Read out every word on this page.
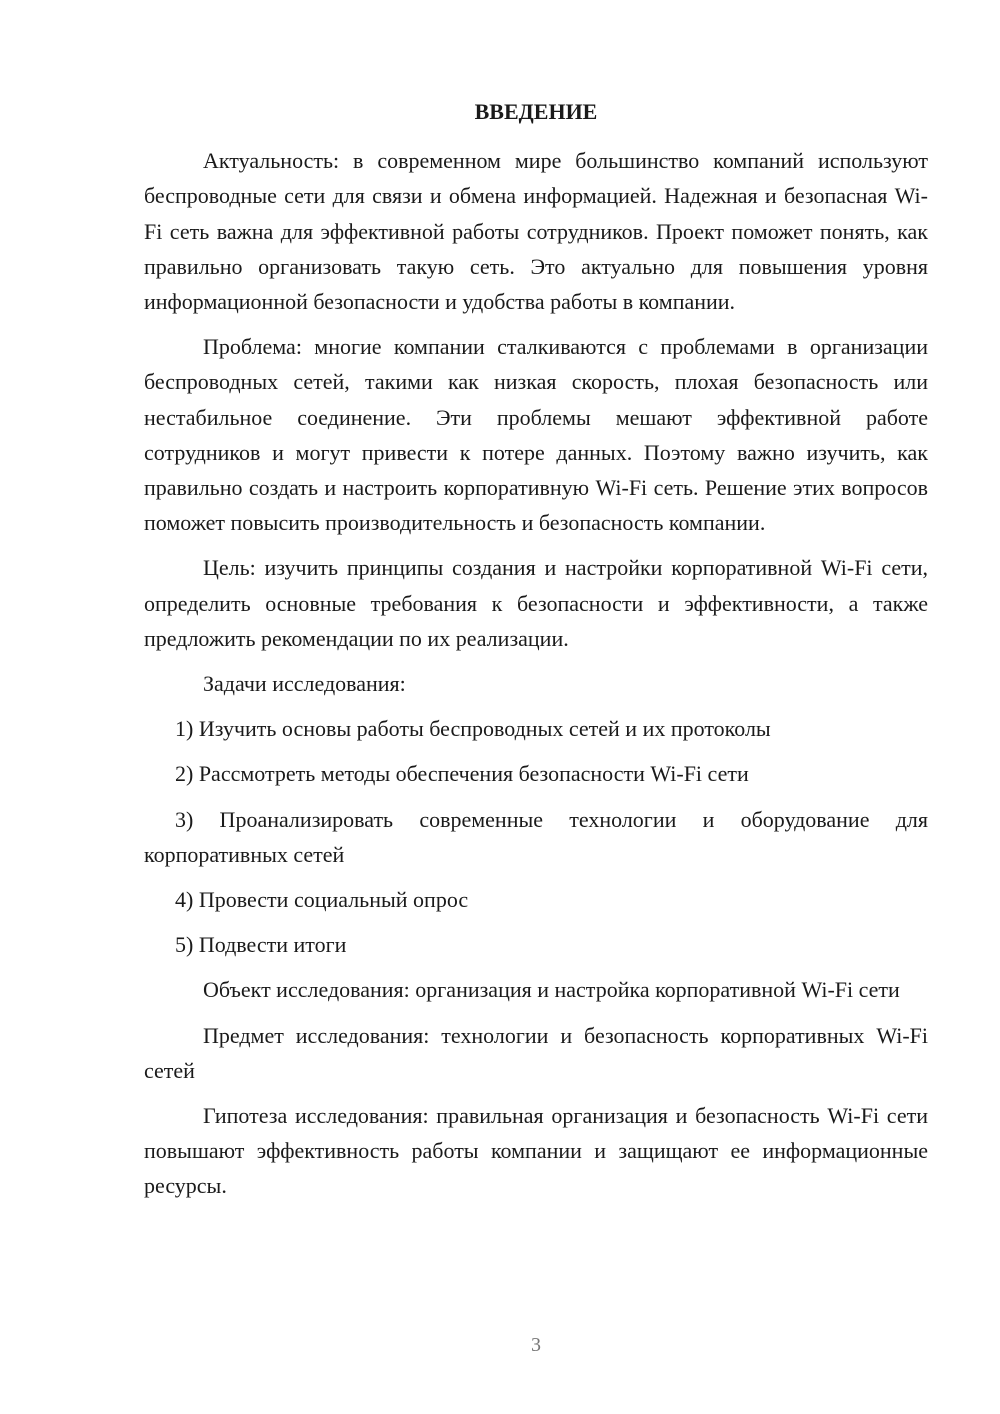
ВВЕДЕНИЕ

Актуальность: в современном мире большинство компаний используют беспроводные сети для связи и обмена информацией. Надежная и безопасная Wi-Fi сеть важна для эффективной работы сотрудников. Проект поможет понять, как правильно организовать такую сеть. Это актуально для повышения уровня информационной безопасности и удобства работы в компании.

Проблема: многие компании сталкиваются с проблемами в организации беспроводных сетей, такими как низкая скорость, плохая безопасность или нестабильное соединение. Эти проблемы мешают эффективной работе сотрудников и могут привести к потере данных. Поэтому важно изучить, как правильно создать и настроить корпоративную Wi-Fi сеть. Решение этих вопросов поможет повысить производительность и безопасность компании.

Цель: изучить принципы создания и настройки корпоративной Wi-Fi сети, определить основные требования к безопасности и эффективности, а также предложить рекомендации по их реализации.

Задачи исследования:

1) Изучить основы работы беспроводных сетей и их протоколы

2) Рассмотреть методы обеспечения безопасности Wi-Fi сети

3) Проанализировать современные технологии и оборудование для корпоративных сетей

4) Провести социальный опрос

5) Подвести итоги

Объект исследования: организация и настройка корпоративной Wi-Fi сети

Предмет исследования: технологии и безопасность корпоративных Wi-Fi сетей

Гипотеза исследования: правильная организация и безопасность Wi-Fi сети повышают эффективность работы компании и защищают ее информационные ресурсы.

3
